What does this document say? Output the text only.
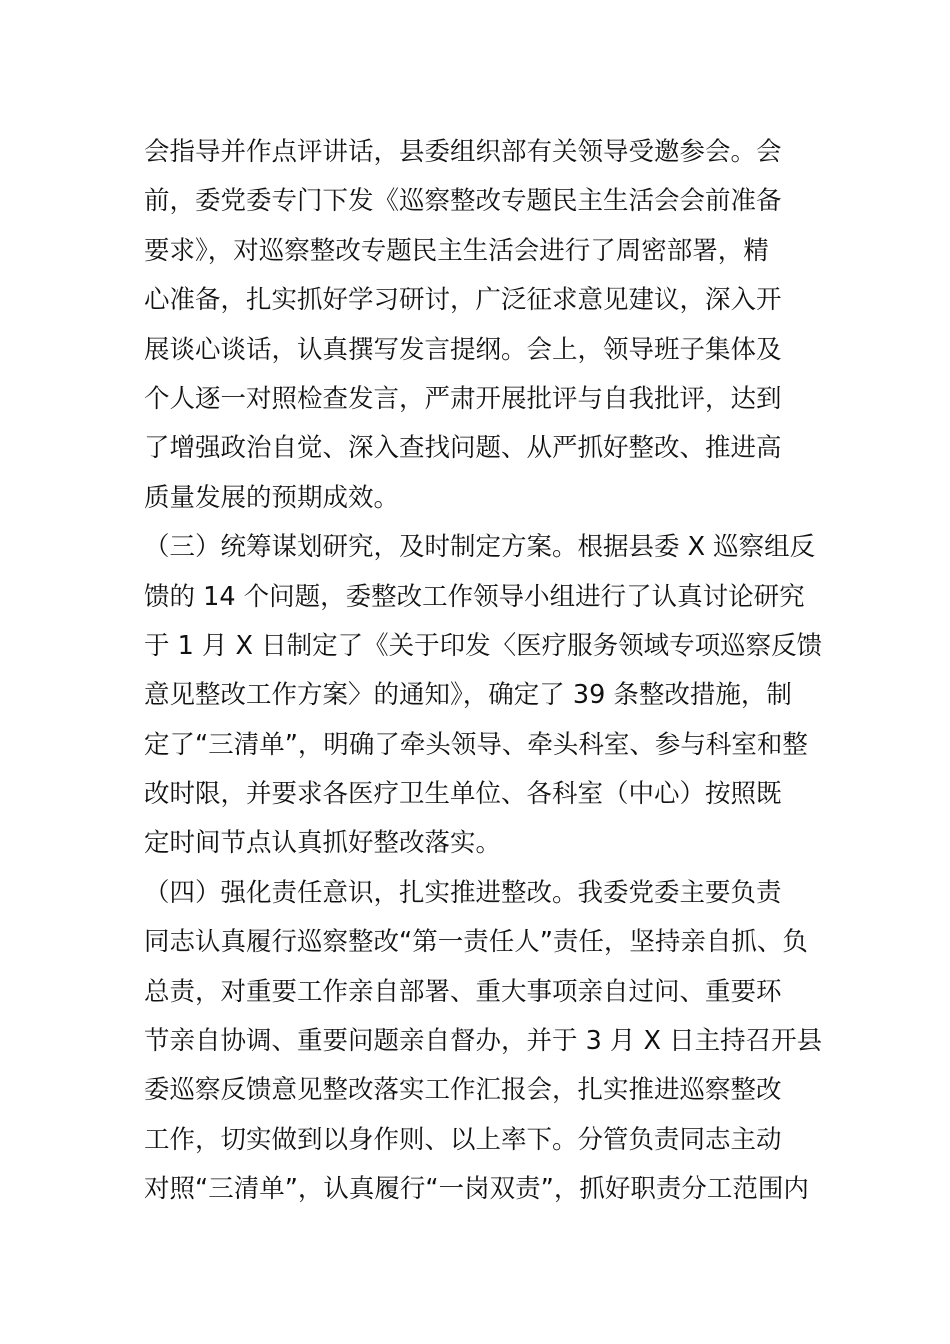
会指导并作点评讲话，县委组织部有关领导受邀参会。会
前，委党委专门下发《巡察整改专题民主生活会会前准备
要求》，对巡察整改专题民主生活会进行了周密部署，精
心准备，扎实抓好学习研讨，广泛征求意见建议，深入开
展谈心谈话，认真撰写发言提纲。会上，领导班子集体及
个人逐一对照检查发言，严肃开展批评与自我批评，达到
了增强政治自觉、深入查找问题、从严抓好整改、推进高
质量发展的预期成效。
（三）统筹谋划研究，及时制定方案。根据县委 X 巡察组反
馈的 14 个问题，委整改工作领导小组进行了认真讨论研究
于 1 月 X 日制定了《关于印发〈医疗服务领域专项巡察反馈
意见整改工作方案〉的通知》，确定了 39 条整改措施，制
定了“三清单”，明确了牵头领导、牵头科室、参与科室和整
改时限，并要求各医疗卫生单位、各科室（中心）按照既
定时间节点认真抓好整改落实。
（四）强化责任意识，扎实推进整改。我委党委主要负责
同志认真履行巡察整改“第一责任人”责任，坚持亲自抓、负
总责，对重要工作亲自部署、重大事项亲自过问、重要环
节亲自协调、重要问题亲自督办，并于 3 月 X 日主持召开县
委巡察反馈意见整改落实工作汇报会，扎实推进巡察整改
工作，切实做到以身作则、以上率下。分管负责同志主动
对照“三清单”，认真履行“一岗双责”，抓好职责分工范围内
